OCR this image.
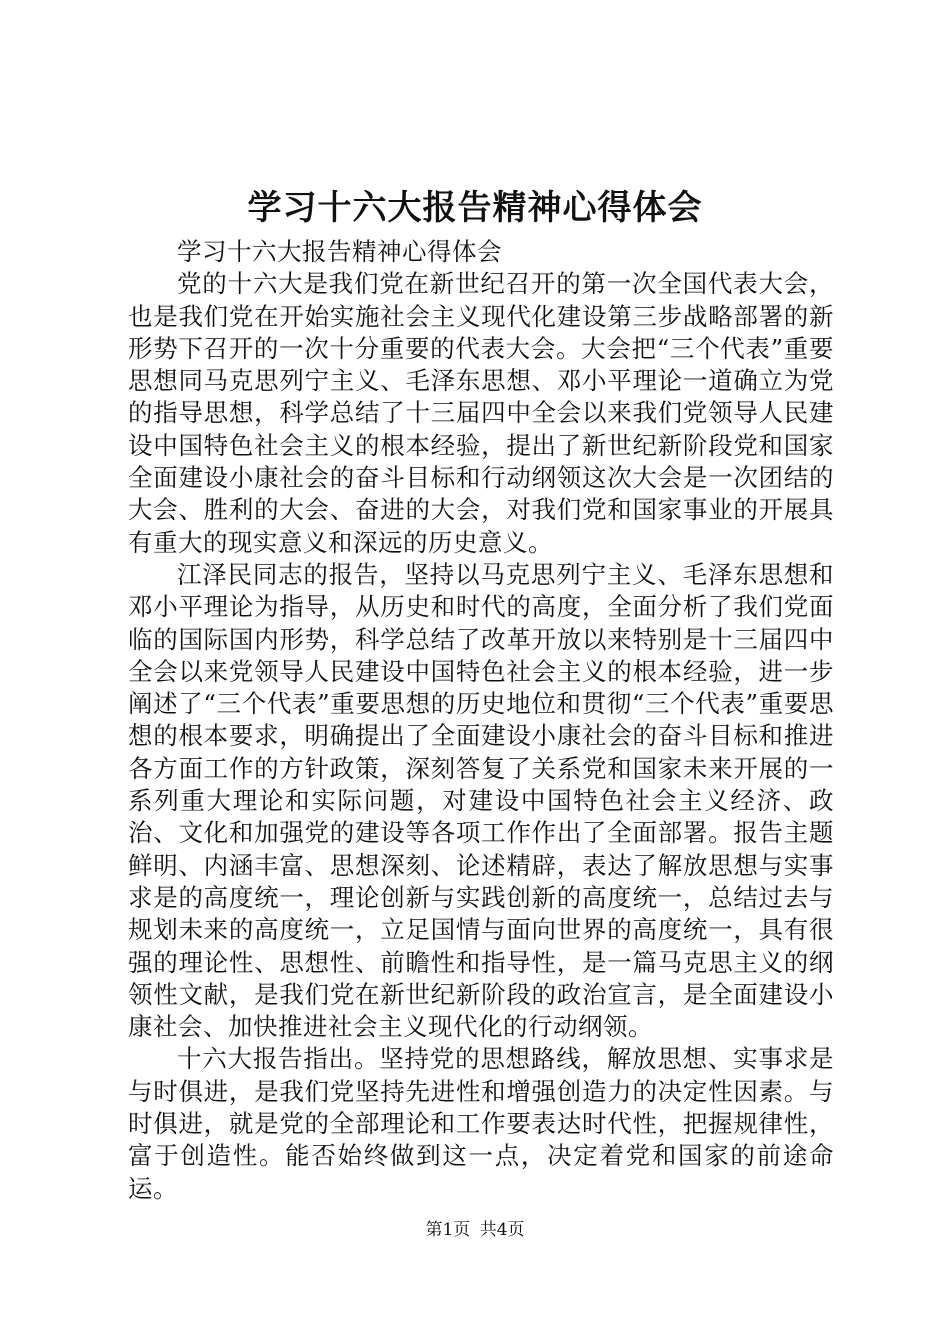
学习十六大报告精神心得体会

学习十六大报告精神心得体会

党的十六大是我们党在新世纪召开的第一次全国代表大会，也是我们党在开始实施社会主义现代化建设第三步战略部署的新形势下召开的一次十分重要的代表大会。大会把“三个代表”重要思想同马克思列宁主义、毛泽东思想、邓小平理论一道确立为党的指导思想，科学总结了十三届四中全会以来我们党领导人民建设中国特色社会主义的根本经验，提出了新世纪新阶段党和国家全面建设小康社会的奋斗目标和行动纲领这次大会是一次团结的大会、胜利的大会、奋进的大会，对我们党和国家事业的开展具有重大的现实意义和深远的历史意义。

江泽民同志的报告，坚持以马克思列宁主义、毛泽东思想和邓小平理论为指导，从历史和时代的高度，全面分析了我们党面临的国际国内形势，科学总结了改革开放以来特别是十三届四中全会以来党领导人民建设中国特色社会主义的根本经验，进一步阐述了“三个代表”重要思想的历史地位和贯彻“三个代表”重要思想的根本要求，明确提出了全面建设小康社会的奋斗目标和推进各方面工作的方针政策，深刻答复了关系党和国家未来开展的一系列重大理论和实际问题，对建设中国特色社会主义经济、政治、文化和加强党的建设等各项工作作出了全面部署。报告主题鲜明、内涵丰富、思想深刻、论述精辟，表达了解放思想与实事求是的高度统一，理论创新与实践创新的高度统一，总结过去与规划未来的高度统一，立足国情与面向世界的高度统一，具有很强的理论性、思想性、前瞻性和指导性，是一篇马克思主义的纲领性文献，是我们党在新世纪新阶段的政治宣言，是全面建设小康社会、加快推进社会主义现代化的行动纲领。

十六大报告指出。坚持党的思想路线，解放思想、实事求是与时俱进，是我们党坚持先进性和增强创造力的决定性因素。与时俱进，就是党的全部理论和工作要表达时代性，把握规律性，富于创造性。能否始终做到这一点，决定着党和国家的前途命运。

第1页 共4页
